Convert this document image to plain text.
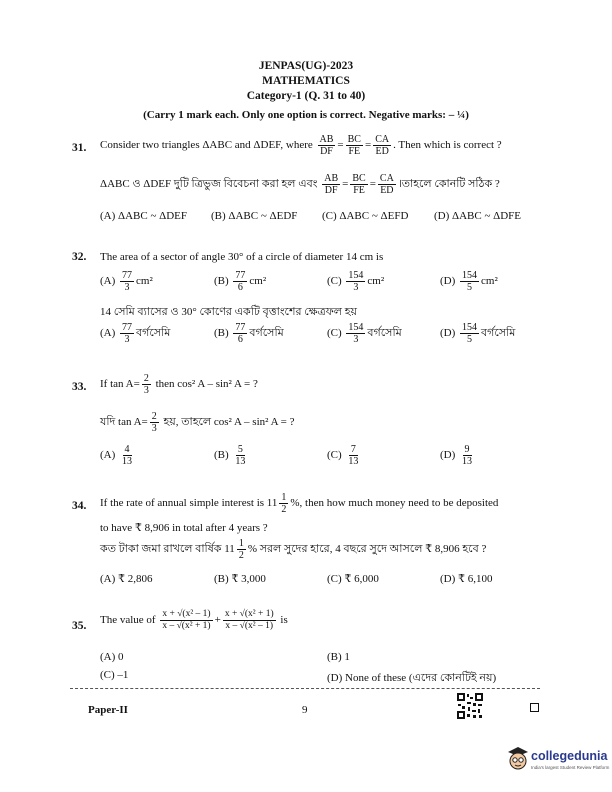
JENPAS(UG)-2023
MATHEMATICS
Category-1 (Q. 31 to 40)
(Carry 1 mark each. Only one option is correct. Negative marks: – ¼)
31. Consider two triangles ΔABC and ΔDEF, where $\frac{AB}{DF} = \frac{BC}{FE} = \frac{CA}{ED}$ . Then which is correct ?
ΔABC ও ΔDEF দুটি ত্রিভুজ বিবেচনা করা হল এবং $\frac{AB}{DF} = \frac{BC}{FE} = \frac{CA}{ED}$ ।তাহলে কোনটি সঠিক ?
(A) ΔABC ~ ΔDEF (B) ΔABC ~ ΔEDF (C) ΔABC ~ ΔEFD (D) ΔABC ~ ΔDFE
32. The area of a sector of angle 30° of a circle of diameter 14 cm is
$(A) \frac{77}{3} cm^2$	$(B) \frac{77}{6} cm^2$	$(C) \frac{154}{3} cm^2$	$(D) \frac{154}{5} cm^2$
14 সেমি ব্যাসের ও 30° কোণের একটি বৃত্তাংশের ক্ষেত্রফল হয়
$(A) \frac{77}{3}$ বর্গসেমি	$(B) \frac{77}{6}$ বর্গসেমি	$(C) \frac{154}{3}$ বর্গসেমি	$(D) \frac{154}{5}$ বর্গসেমি
33. If $\tan A= \frac{2}{3}$ then cos² A – sin² A = ?
যদি $\tan A= \frac{2}{3}$ হয়, তাহলে cos² A – sin² A = ?
$(A) \frac{4}{13}$	$(B) \frac{5}{13}$	$(C) \frac{7}{13}$	$(D) \frac{9}{13}$
34. If the rate of annual simple interest is $11 \frac{1}{2}$ %, then how much money need to be deposited
to have ₹ 8,906 in total after 4 years ?
কত টাকা জমা রাখলে বার্ষিক $11 \frac{1}{2}$ % সরল সুদের হারে, 4 বছরে সুদে আসলে ₹ 8,906 হবে ?
(A) ₹ 2,806	(B) ₹ 3,000	(C) ₹ 6,000	(D) ₹ 6,100
35. The value of $\frac{\text{x + √(x² – 1)}}{\text{x – √(x² + 1)}} + \frac{\text{x + √(x² + 1)}}{\text{x – √(x² – 1)}}$ is
(A) 0	(B) 1
(C) –1	(D) None of these (এদের কোনটিই নয়)
Paper-II	9
collegedunia
India's largest Student Review Platform
